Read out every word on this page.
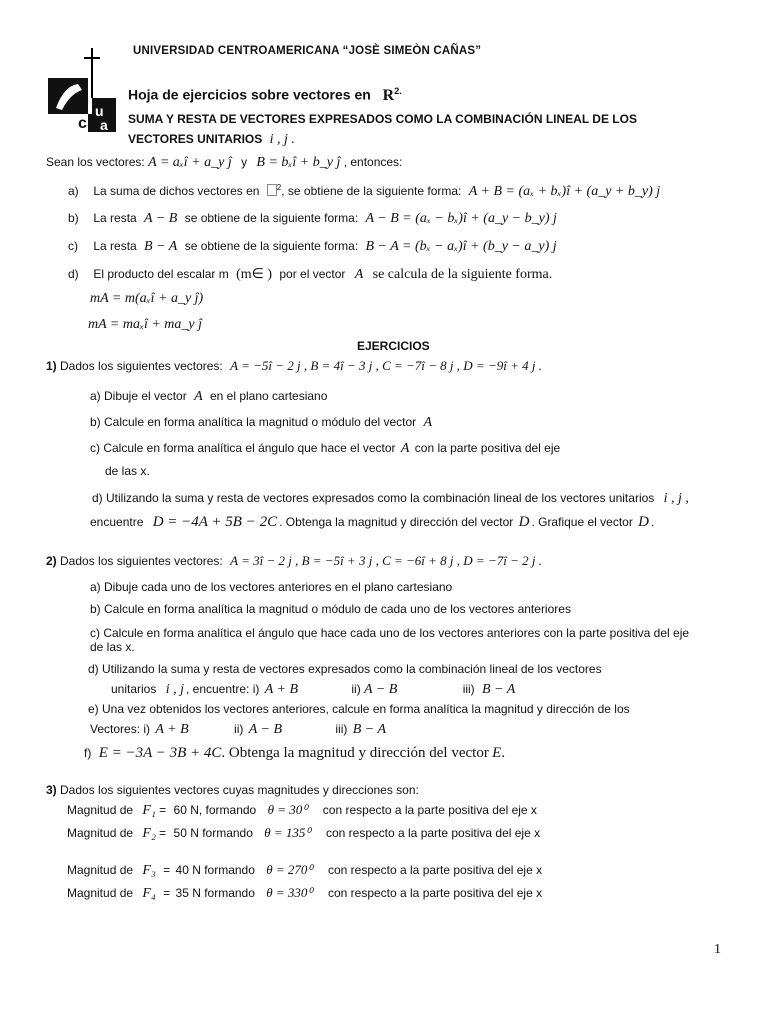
u
a
c
UNIVERSIDAD CENTROAMERICANA “JOSÈ SIMEÒN CAÑAS”
Hoja de ejercicios sobre vectores en $R^{2.}$
SUMA Y RESTA DE VECTORES EXPRESADOS COMO LA COMBINACIÓN LINEAL DE LOS
VECTORES UNITARIOS i , j .
Sean los vectores: A = aₓî + a_y ĵ y B = bₓî + b_y ĵ , entonces:
a) La suma de dichos vectores en $^2$, se obtiene de la siguiente forma: A + B = (aₓ + bₓ)î + (a_y + b_y) j
b) La resta A − B se obtiene de la siguiente forma: A − B = (aₓ − bₓ)î + (a_y − b_y) j
c) La resta B − A se obtiene de la siguiente forma: B − A = (bₓ − aₓ)î + (b_y − a_y) j
d) El producto del escalar m (m∈ ) por el vector A se calcula de la siguiente forma.
mA = m(aₓî + a_y ĵ)
mA = maₓî + ma_y ĵ
EJERCICIOS
1) Dados los siguientes vectores: A = −5î − 2 j , B = 4î − 3 j , C = −7î − 8 j , D = −9î + 4 j .
a) Dibuje el vector A en el plano cartesiano
b) Calcule en forma analítica la magnitud o módulo del vector A
c) Calcule en forma analítica el ángulo que hace el vector A con la parte positiva del eje
de las x.
d) Utilizando la suma y resta de vectores expresados como la combinación lineal de los vectores unitarios i , j ,
encuentre D = −4A + 5B − 2C . Obtenga la magnitud y dirección del vector D . Grafique el vector D .
2) Dados los siguientes vectores: A = 3î − 2 j , B = −5î + 3 j , C = −6î + 8 j , D = −7î − 2 j .
a) Dibuje cada uno de los vectores anteriores en el plano cartesiano
b) Calcule en forma analítica la magnitud o módulo de cada uno de los vectores anteriores
c) Calcule en forma analítica el ángulo que hace cada uno de los vectores anteriores con la parte positiva del eje
de las x.
d) Utilizando la suma y resta de vectores expresados como la combinación lineal de los vectores
unitarios i , j , encuentre: i) A + B	ii) A − B	iii) B − A
e) Una vez obtenidos los vectores anteriores, calcule en forma analítica la magnitud y dirección de los
Vectores: i) A + B	ii) A − B	iii) B − A
f) E = −3A − 3B + 4C. Obtenga la magnitud y dirección del vector E.
3) Dados los siguientes vectores cuyas magnitudes y direcciones son:
Magnitud de F₁ = 60 N, formando θ = 30⁰ con respecto a la parte positiva del eje x
Magnitud de F₂ = 50 N formando θ = 135⁰ con respecto a la parte positiva del eje x
Magnitud de F₃ = 40 N formando θ = 270⁰ con respecto a la parte positiva del eje x
Magnitud de F₄ = 35 N formando θ = 330⁰ con respecto a la parte positiva del eje x
1
